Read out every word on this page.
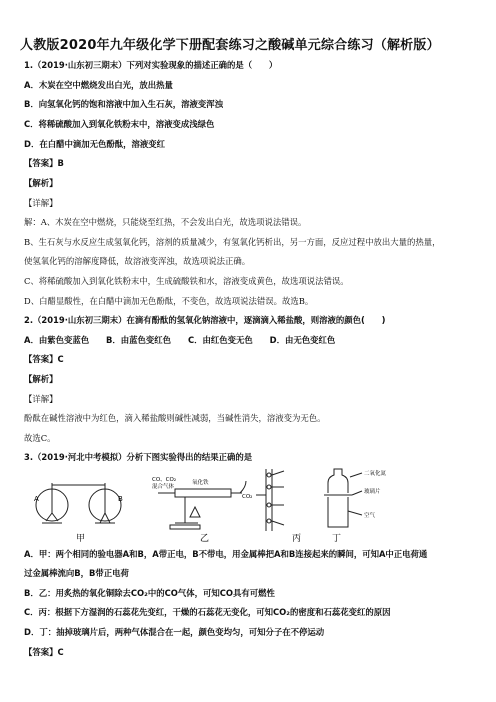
人教版2020年九年级化学下册配套练习之酸碱单元综合练习（解析版）
1.（2019·山东初三期末）下列对实验现象的描述正确的是（　　）
A．木炭在空中燃烧发出白光，放出热量
B．向氢氧化钙的饱和溶液中加入生石灰，溶液变浑浊
C．将稀硫酸加入到氧化铁粉末中，溶液变成浅绿色
D．在白醋中滴加无色酚酞，溶液变红
【答案】B
【解析】
【详解】
解：A、木炭在空中燃烧，只能烧至红热，不会发出白光，故选项说法错误。
B、生石灰与水反应生成氢氧化钙，溶剂的质量减少，有氢氧化钙析出，另一方面，反应过程中放出大量的热量，
使氢氧化钙的溶解度降低，故溶液变浑浊，故选项说法正确。
C、将稀硫酸加入到氧化铁粉末中，生成硫酸铁和水，溶液变成黄色，故选项说法错误。
D、白醋显酸性，在白醋中滴加无色酚酞，不变色，故选项说法错误。故选B。
2.（2019·山东初三期末）在滴有酚酞的氢氧化钠溶液中，逐滴滴入稀盐酸，则溶液的颜色(　　)
A．由紫色变蓝色 B．由蓝色变红色 C．由红色变无色 D．由无色变红色
【答案】C
【解析】
【详解】
酚酞在碱性溶液中为红色，滴入稀盐酸则碱性减弱，当碱性消失，溶液变为无色。
故选C。
3.（2019·河北中考模拟）分析下图实验得出的结果正确的是
A	B
甲
CO、CO₂
混合气体
氧化铁
乙
CO₂
丙
二氧化氮
玻璃片
空气
丁
A．甲：两个相同的验电器A和B，A带正电，B不带电，用金属棒把A和B连接起来的瞬间，可知A中正电荷通
过金属棒流向B，B带正电荷
B．乙：用炙热的氧化铜除去CO₂中的CO气体，可知CO具有可燃性
C．丙：根据下方湿润的石蕊花先变红，干燥的石蕊花无变化，可知CO₂的密度和石蕊花变红的原因
D．丁：抽掉玻璃片后，两种气体混合在一起，颜色变均匀，可知分子在不停运动
【答案】C
